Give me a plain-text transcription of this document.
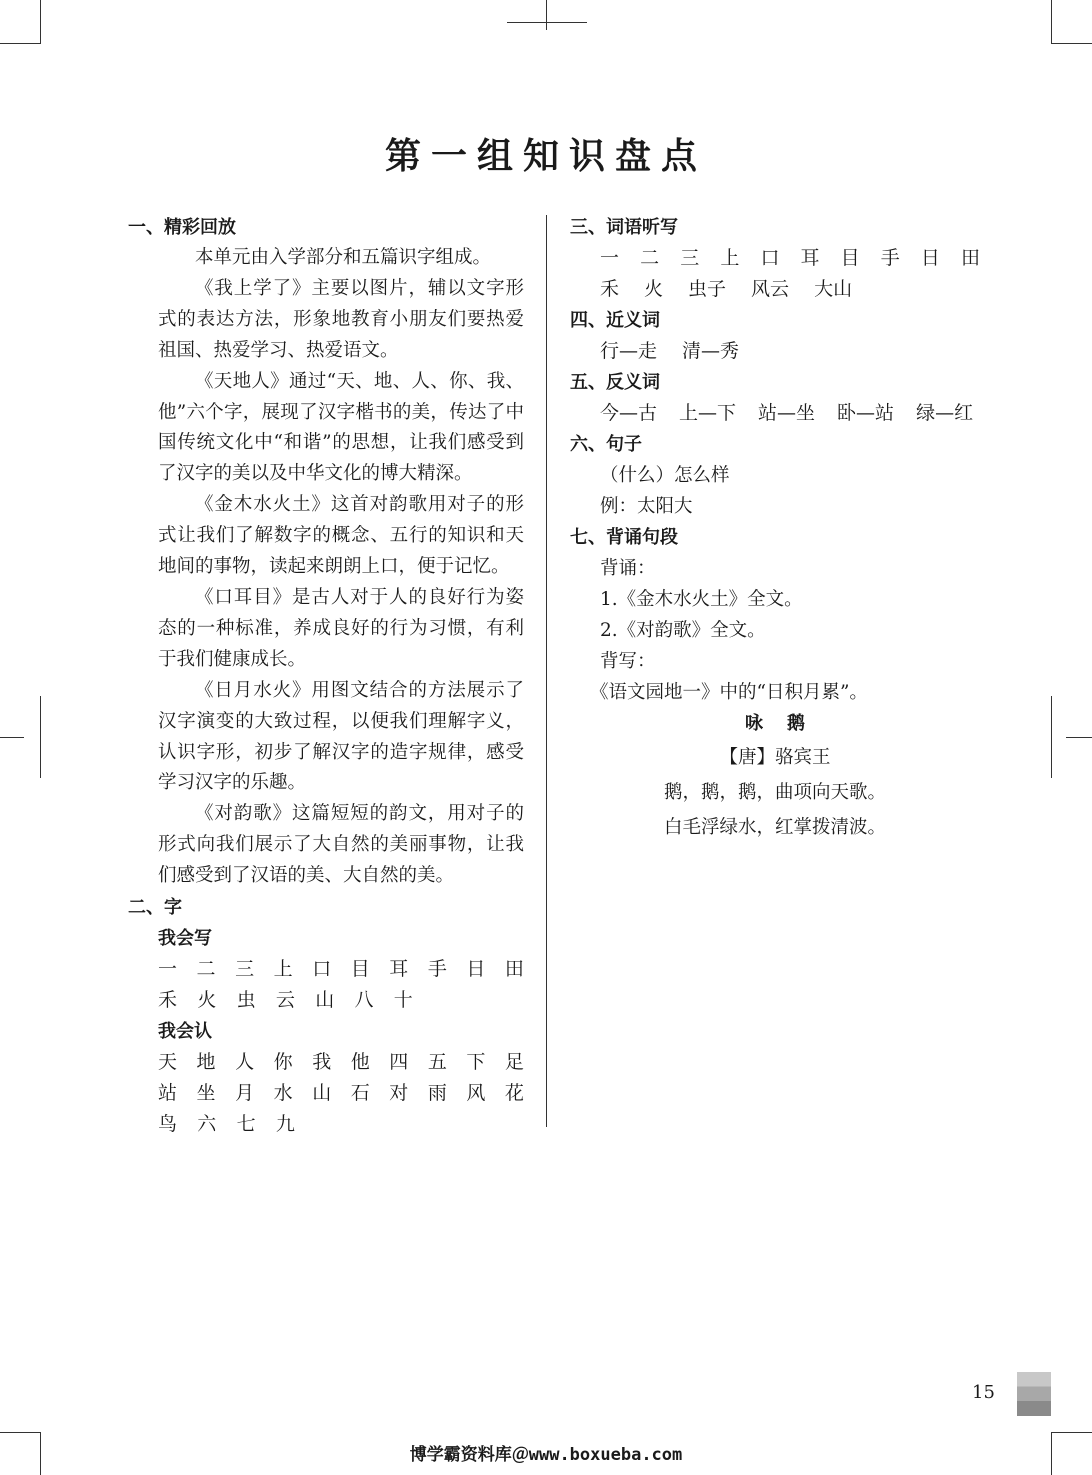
第一组知识盘点
一、精彩回放
本单元由入学部分和五篇识字组成。
《我上学了》主要以图片，辅以文字形式的表达方法，形象地教育小朋友们要热爱祖国、热爱学习、热爱语文。
《天地人》通过“天、地、人、你、我、他”六个字，展现了汉字楷书的美，传达了中国传统文化中“和谐”的思想，让我们感受到了汉字的美以及中华文化的博大精深。
《金木水火土》这首对韵歌用对子的形式让我们了解数字的概念、五行的知识和天地间的事物，读起来朗朗上口，便于记忆。
《口耳目》是古人对于人的良好行为姿态的一种标准，养成良好的行为习惯，有利于我们健康成长。
《日月水火》用图文结合的方法展示了汉字演变的大致过程，以便我们理解字义，认识字形，初步了解汉字的造字规律，感受学习汉字的乐趣。
《对韵歌》这篇短短的韵文，用对子的形式向我们展示了大自然的美丽事物，让我们感受到了汉语的美、大自然的美。
二、字
我会写
一 二 三 上 口 目 耳 手 日 田
禾	火	虫	云	山	八	十
我会认
天 地 人 你 我 他 四 五 下 足
站 坐 月 水 山 石 对 雨 风 花
鸟	六	七	九
三、词语听写
一 二 三 上 口 耳 目 手 日 田
禾 火 虫子 风云 大山
四、近义词
行—走 清—秀
五、反义词
今—古 上—下 站—坐 卧—站 绿—红
六、句子
（什么）怎么样
例：太阳大
七、背诵句段
背诵：
1.《金木水火土》全文。
2.《对韵歌》全文。
背写：
《语文园地一》中的“日积月累”。
咏鹅
【唐】骆宾王
鹅，鹅，鹅，曲项向天歌。
白毛浮绿水，红掌拨清波。
15
博学霸资料库＠www.boxueba.com
